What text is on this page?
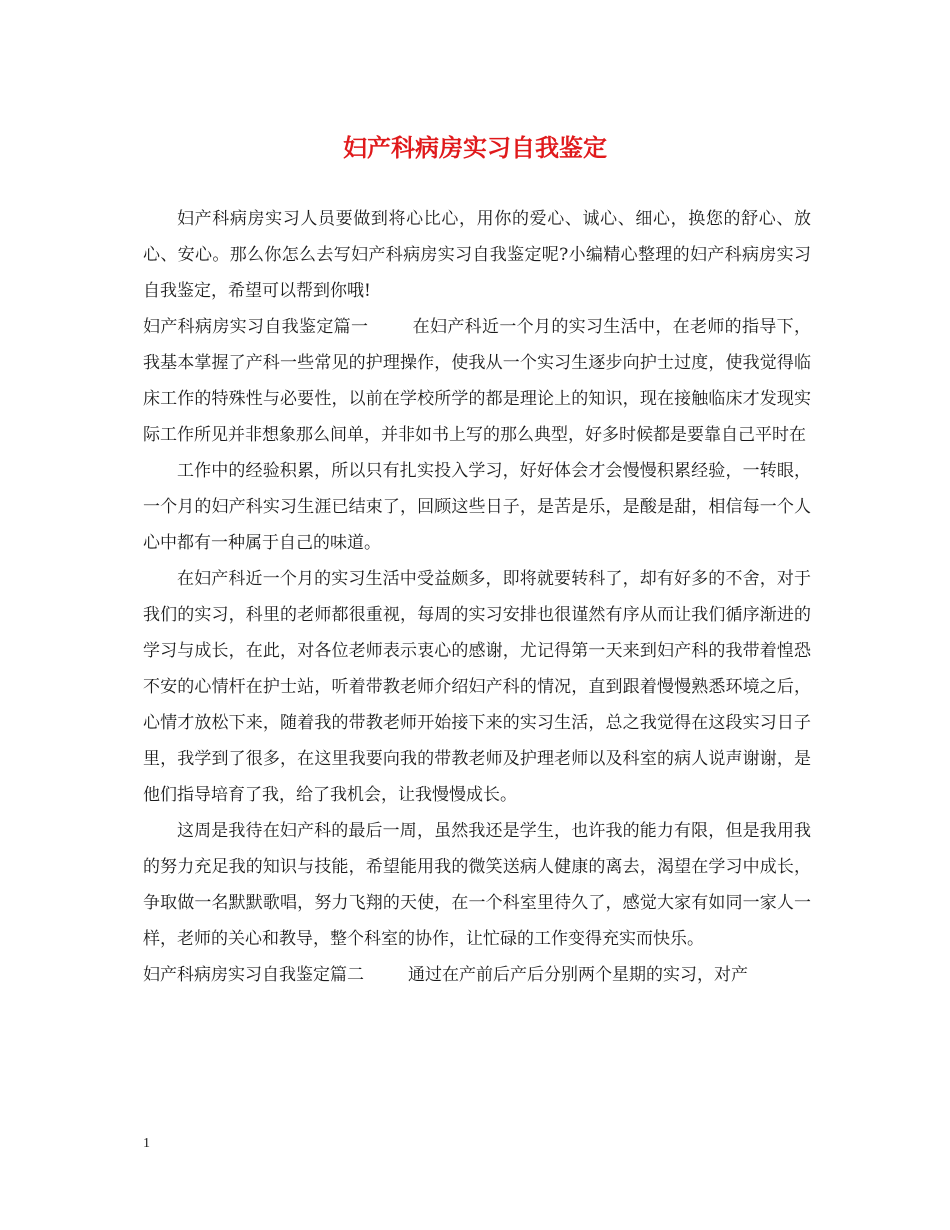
妇产科病房实习自我鉴定

妇产科病房实习人员要做到将心比心，用你的爱心、诚心、细心，换您的舒心、放心、安心。那么你怎么去写妇产科病房实习自我鉴定呢?小编精心整理的妇产科病房实习自我鉴定，希望可以帮到你哦!

妇产科病房实习自我鉴定篇一	在妇产科近一个月的实习生活中，在老师的指导下，我基本掌握了产科一些常见的护理操作，使我从一个实习生逐步向护士过度，使我觉得临床工作的特殊性与必要性，以前在学校所学的都是理论上的知识，现在接触临床才发现实际工作所见并非想象那么间单，并非如书上写的那么典型，好多时候都是要靠自己平时在

工作中的经验积累，所以只有扎实投入学习，好好体会才会慢慢积累经验，一转眼，一个月的妇产科实习生涯已结束了，回顾这些日子，是苦是乐，是酸是甜，相信每一个人心中都有一种属于自己的味道。

在妇产科近一个月的实习生活中受益颇多，即将就要转科了，却有好多的不舍，对于我们的实习，科里的老师都很重视，每周的实习安排也很谨然有序从而让我们循序渐进的学习与成长，在此，对各位老师表示衷心的感谢，尤记得第一天来到妇产科的我带着惶恐不安的心情杆在护士站，听着带教老师介绍妇产科的情况，直到跟着慢慢熟悉环境之后，心情才放松下来，随着我的带教老师开始接下来的实习生活，总之我觉得在这段实习日子里，我学到了很多，在这里我要向我的带教老师及护理老师以及科室的病人说声谢谢，是他们指导培育了我，给了我机会，让我慢慢成长。

这周是我待在妇产科的最后一周，虽然我还是学生，也许我的能力有限，但是我用我的努力充足我的知识与技能，希望能用我的微笑送病人健康的离去，渴望在学习中成长，争取做一名默默歌唱，努力飞翔的天使，在一个科室里待久了，感觉大家有如同一家人一样，老师的关心和教导，整个科室的协作，让忙碌的工作变得充实而快乐。

妇产科病房实习自我鉴定篇二	通过在产前后产后分别两个星期的实习，对产

1
